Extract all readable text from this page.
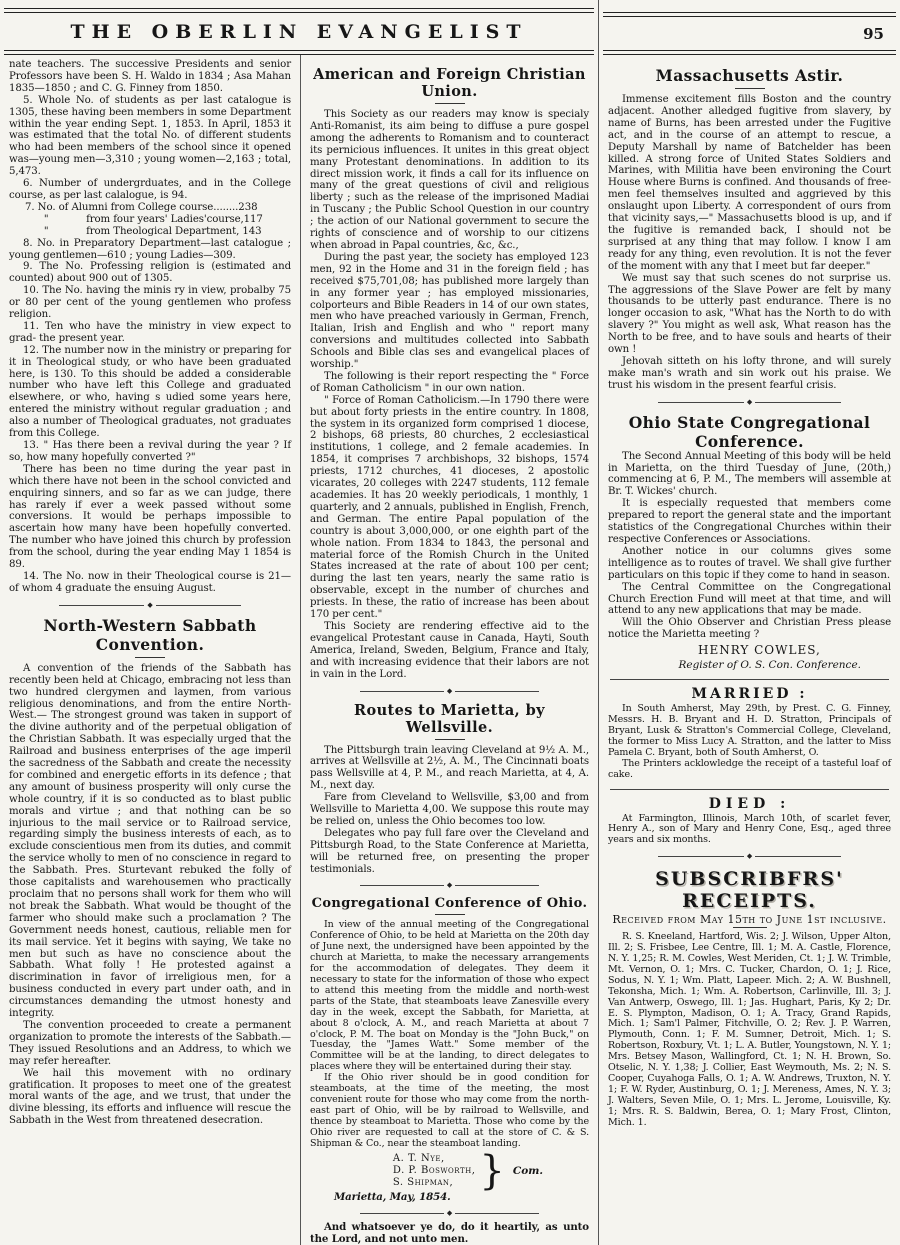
THE OBERLIN EVANGELIST	95

nate teachers. The successive Presidents and senior Professors have been S. H. Waldo in 1834 ; Asa Mahan 1835—1850 ; and C. G. Finney from 1850.

5. Whole No. of students as per last catalogue is 1305, these having been members in some Department within the year ending Sept. 1, 1853. In April, 1853 it was estimated that the total No. of different students who had been members of the school since it opened was—young men—3,310 ; young women—2,163 ; total, 5,473.

6. Number of undergrduates, and in the College course, as per last calalogue, is 94.

7. No. of Alumni from College course........238

"            from four years' Ladies'course,117

"            from Theological Department, 143

8. No. in Preparatory Department—last catalogue ; young gentlemen—610 ; young Ladies—309.

9. The No. Professing religion is (estimated and counted) about 900 out of 1305.

10. The No. having the minis ry in view, probalby 75 or 80 per cent of the young gentlemen who profess religion.

11. Ten who have the ministry in view expect to grad- the present year.

12. The number now in the ministry or preparing for it in Theological study, or who have been graduated here, is 130. To this should be added a considerable number who have left this College and graduated elsewhere, or who, having s udied some years here, entered the ministry without regular graduation ; and also a number of Theological graduates, not graduates from this College.

13. " Has there been a revival during the year ? If so, how many hopefully converted ?"

There has been no time during the year past in which there have not been in the school convicted and enquiring sinners, and so far as we can judge, there has rarely if ever a week passed without some conversions. It would be perhaps impossible to ascertain how many have been hopefully converted. The number who have joined this church by profession from the school, during the year ending May 1 1854 is 89.

14. The No. now in their Theological course is 21— of whom 4 graduate the ensuing August.

◆
North-Western Sabbath Convention.

A convention of the friends of the Sabbath has recently been held at Chicago, embracing not less than two hundred clergymen and laymen, from various religious denominations, and from the entire North-West.— The strongest ground was taken in support of the divine authority and of the perpetual obligation of the Christian Sabbath. It was especially urged that the Railroad and business enterprises of the age imperil the sacredness of the Sabbath and create the necessity for combined and energetic efforts in its defence ; that any amount of business prosperity will only curse the whole country, if it is so conducted as to blast public morals and virtue ; and that nothing can be so injurious to the mail service or to Railroad service, regarding simply the business interests of each, as to exclude conscientious men from its duties, and commit the service wholly to men of no conscience in regard to the Sabbath. Pres. Sturtevant rebuked the folly of those capitalists and warehousemen who practically proclaim that no persons shall work for them who will not break the Sabbath. What would be thought of the farmer who should make such a proclamation ? The Government needs honest, cautious, reliable men for its mail service. Yet it begins with saying, We take no men but such as have no conscience about the Sabbath. What folly ! He protested against a discrimination in favor of irreligious men, for a business conducted in every part under oath, and in circumstances demanding the utmost honesty and integrity.

The convention proceeded to create a permanent organization to promote the interests of the Sabbath.— They issued Resolutions and an Address, to which we may refer hereafter.

We hail this movement with no ordinary gratification. It proposes to meet one of the greatest moral wants of the age, and we trust, that under the divine blessing, its efforts and influence will rescue the Sabbath in the West from threatened desecration.

American and Foreign Christian Union.

This Society as our readers may know is specialy Anti-Romanist, its aim being to diffuse a pure gospel among the adherents to Romanism and to counteract its pernicious influences. It unites in this great object many Protestant denominations. In addition to its direct mission work, it finds a call for its influence on many of the great questions of civil and religious liberty ; such as the release of the imprisoned Madiai in Tuscany ; the Public School Question in our country ; the action of our National government to secure the rights of conscience and of worship to our citizens when abroad in Papal countries, &c, &c.,

During the past year, the society has employed 123 men, 92 in the Home and 31 in the foreign field ; has received $75,701,08; has published more largely than in any former year ; has employed missionaries, colporteurs and Bible Readers in 14 of our own states, men who have preached variously in German, French, Italian, Irish and English and who " report many conversions and multitudes collected into Sabbath Schools and Bible clas ses and evangelical places of worship."

The following is their report respecting the " Force of Roman Catholicism " in our own nation.

" Force of Roman Catholicism.—In 1790 there were but about forty priests in the entire country. In 1808, the system in its organized form comprised 1 diocese, 2 bishops, 68 priests, 80 churches, 2 ecclesiastical institutions, 1 college, and 2 female academies. In 1854, it comprises 7 archbishops, 32 bishops, 1574 priests, 1712 churches, 41 dioceses, 2 apostolic vicarates, 20 colleges with 2247 students, 112 female academies. It has 20 weekly periodicals, 1 monthly, 1 quarterly, and 2 annuals, published in English, French, and German. The entire Papal population of the country is about 3,000,000, or one eighth part of the whole nation. From 1834 to 1843, the personal and material force of the Romish Church in the United States increased at the rate of about 100 per cent; during the last ten years, nearly the same ratio is observable, except in the number of churches and priests. In these, the ratio of increase has been about 170 per cent."

This Society are rendering effective aid to the evangelical Protestant cause in Canada, Hayti, South America, Ireland, Sweden, Belgium, France and Italy, and with increasing evidence that their labors are not in vain in the Lord.

◆
Routes to Marietta, by Wellsville.

The Pittsburgh train leaving Cleveland at 9½ A. M., arrives at Wellsville at 2½, A. M., The Cincinnati boats pass Wellsville at 4, P. M., and reach Marietta, at 4, A. M., next day.

Fare from Cleveland to Wellsville, $3,00 and from Wellsville to Marietta 4,00. We suppose this route may be relied on, unless the Ohio becomes too low.

Delegates who pay full fare over the Cleveland and Pittsburgh Road, to the State Conference at Marietta, will be returned free, on presenting the proper testimonials.

◆
Congregational Conference of Ohio.

In view of the annual meeting of the Congregational Conference of Ohio, to be held at Marietta on the 20th day of June next, the undersigned have been appointed by the church at Marietta, to make the necessary arrangements for the accommodation of delegates. They deem it necessary to state for the information of those who expect to attend this meeting from the middle and north-west parts of the State, that steamboats leave Zanesville every day in the week, except the Sabbath, for Marietta, at about 8 o'clock, A. M., and reach Marietta at about 7 o'clock, P. M. The boat on Monday is the "John Buck," on Tuesday, the "James Watt." Some member of the Committee will be at the landing, to direct delegates to places where they will be entertained during their stay.

If the Ohio river should be in good condition for steamboats, at the time of the meeting, the most convenient route for those who may come from the north-east part of Ohio, will be by railroad to Wellsville, and thence by steamboat to Marietta. Those who come by the Ohio river are requested to call at the store of C. & S. Shipman & Co., near the steamboat landing.

A. T. Nye,
D. P. Bosworth,
S. Shipman, } Com.

Marietta, May, 1854.

◆

And whatsoever ye do, do it heartily, as unto the Lord, and not unto men.

Massachusetts Astir.

Immense excitement fills Boston and the country adjacent. Another alledged fugitive from slavery, by name of Burns, has been arrested under the Fugitive act, and in the course of an attempt to rescue, a Deputy Marshall by name of Batchelder has been killed. A strong force of United States Soldiers and Marines, with Militia have been environing the Court House where Burns is confined. And thousands of free-men feel themselves insulted and aggrieved by this onslaught upon Liberty. A correspondent of ours from that vicinity says,—" Massachusetts blood is up, and if the fugitive is remanded back, I should not be surprised at any thing that may follow. I know I am ready for any thing, even revolution. It is not the fever of the moment with any that I meet but far deeper."

We must say that such scenes do not surprise us. The aggressions of the Slave Power are felt by many thousands to be utterly past endurance. There is no longer occasion to ask, "What has the North to do with slavery ?" You might as well ask, What reason has the North to be free, and to have souls and hearts of their own !

Jehovah sitteth on his lofty throne, and will surely make man's wrath and sin work out his praise. We trust his wisdom in the present fearful crisis.

◆
Ohio State Congregational Conference.

The Second Annual Meeting of this body will be held in Marietta, on the third Tuesday of June, (20th,) commencing at 6, P. M., The members will assemble at Br. T. Wickes' church.

It is especially requested that members come prepared to report the general state and the important statistics of the Congregational Churches within their respective Conferences or Associations.

Another notice in our columns gives some intelligence as to routes of travel. We shall give further particulars on this topic if they come to hand in season.

The Central Committee on the Congregational Church Erection Fund will meet at that time, and will attend to any new applications that may be made.

Will the Ohio Observer and Christian Press please notice the Marietta meeting ?

HENRY COWLES,
Register of O. S. Con. Conference.
MARRIED :

In South Amherst, May 29th, by Prest. C. G. Finney, Messrs. H. B. Bryant and H. D. Stratton, Principals of Bryant, Lusk & Stratton's Commercial College, Cleveland, the former to Miss Lucy A. Stratton, and the latter to Miss Pamela C. Bryant, both of South Amherst, O.

The Printers acklowledge the receipt of a tasteful loaf of cake.

DIED :

At Farmington, Illinois, March 10th, of scarlet fever, Henry A., son of Mary and Henry Cone, Esq., aged three years and six months.

◆
SUBSCRIBFRS' RECEIPTS.
Received from May 15th to June 1st inclusive.

R. S. Kneeland, Hartford, Wis. 2; J. Wilson, Upper Alton, Ill. 2; S. Frisbee, Lee Centre, Ill. 1; M. A. Castle, Florence, N. Y. 1,25; R. M. Cowles, West Meriden, Ct. 1; J. W. Trimble, Mt. Vernon, O. 1; Mrs. C. Tucker, Chardon, O. 1; J. Rice, Sodus, N. Y. 1; Wm. Platt, Lapeer. Mich. 2; A. W. Bushnell, Tekonsha, Mich. 1; Wm. A. Robertson, Carlinville, Ill. 3; J. Van Antwerp, Oswego, Ill. 1; Jas. Hughart, Paris, Ky 2; Dr. E. S. Plympton, Madison, O. 1; A. Tracy, Grand Rapids, Mich. 1; Sam'l Palmer, Fitchville, O. 2; Rev. J. P. Warren, Plymouth, Conn. 1; F. M. Sumner, Detroit, Mich. 1; S. Robertson, Roxbury, Vt. 1; L. A. Butler, Youngstown, N. Y. 1; Mrs. Betsey Mason, Wallingford, Ct. 1; N. H. Brown, So. Otselic, N. Y. 1,38; J. Collier, East Weymouth, Ms. 2; N. S. Cooper, Cuyahoga Falls, O. 1; A. W. Andrews, Truxton, N. Y. 1; F. W. Ryder, Austinburg, O. 1; J. Mereness, Ames, N. Y. 3; J. Walters, Seven Mile, O. 1; Mrs. L. Jerome, Louisville, Ky. 1; Mrs. R. S. Baldwin, Berea, O. 1; Mary Frost, Clinton, Mich. 1.
